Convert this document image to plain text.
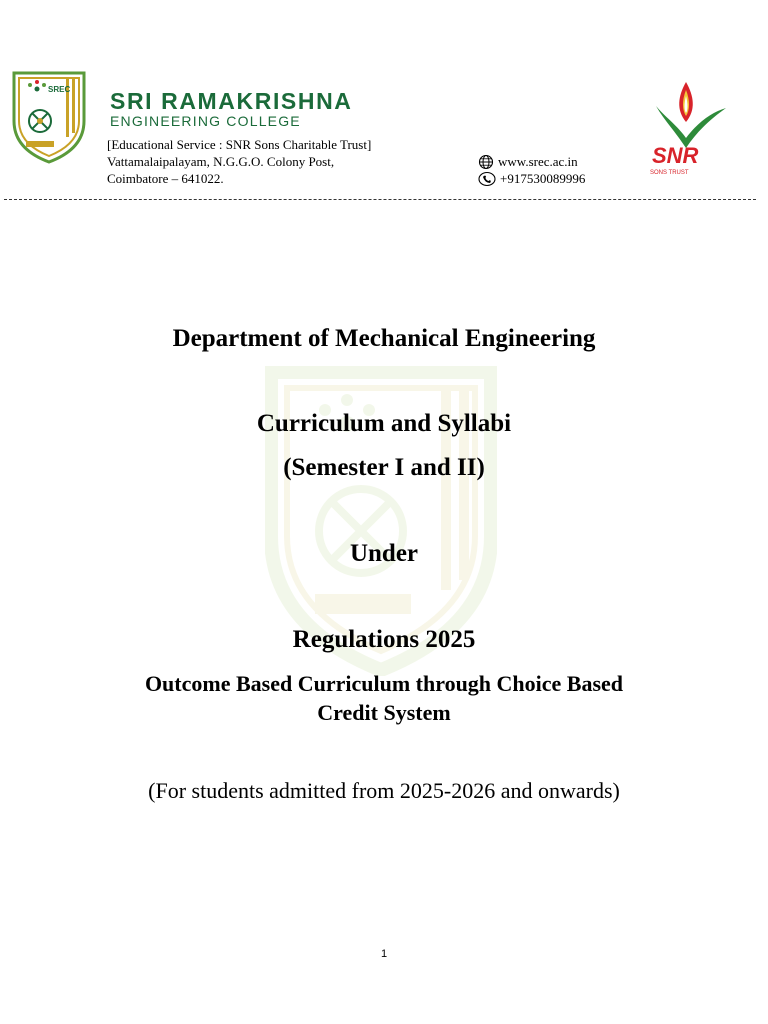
SREC SRI RAMAKRISHNA
ENGINEERING COLLEGE
[Educational Service : SNR Sons Charitable Trust]
Vattamalaipalayam, N.G.G.O. Colony Post,
Coimbatore – 641022.
www.srec.ac.in
+917530089996
SNR
SONS TRUST
Department of Mechanical Engineering
Curriculum and Syllabi
(Semester I and II)
Under
Regulations 2025
Outcome Based Curriculum through Choice Based
Credit System
(For students admitted from 2025-2026 and onwards)
1
